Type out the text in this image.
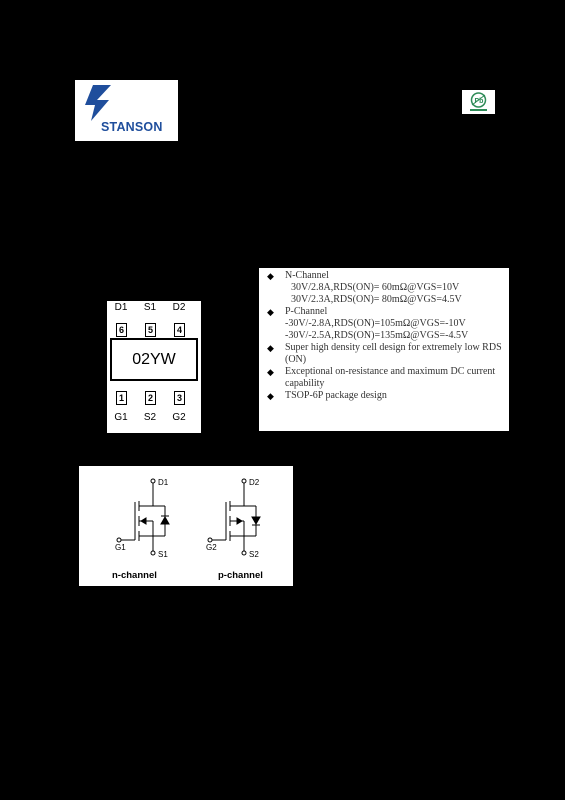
STANSON
Pb
D1	S1	D2
6	5	4
02YW
1	2	3
G1	S2	G2
◆ N-Channel
30V/2.8A,RDS(ON)= 60mΩ@VGS=10V
30V/2.3A,RDS(ON)= 80mΩ@VGS=4.5V
◆ P-Channel
-30V/-2.8A,RDS(ON)=105mΩ@VGS=-10V
-30V/-2.5A,RDS(ON)=135mΩ@VGS=-4.5V
◆ Super high density cell design for extremely low RDS (ON)
◆ Exceptional on-resistance and maximum DC current capability
◆ TSOP-6P package design
D1
G1
S1
D2
G2
S2
n-channel	p-channel
